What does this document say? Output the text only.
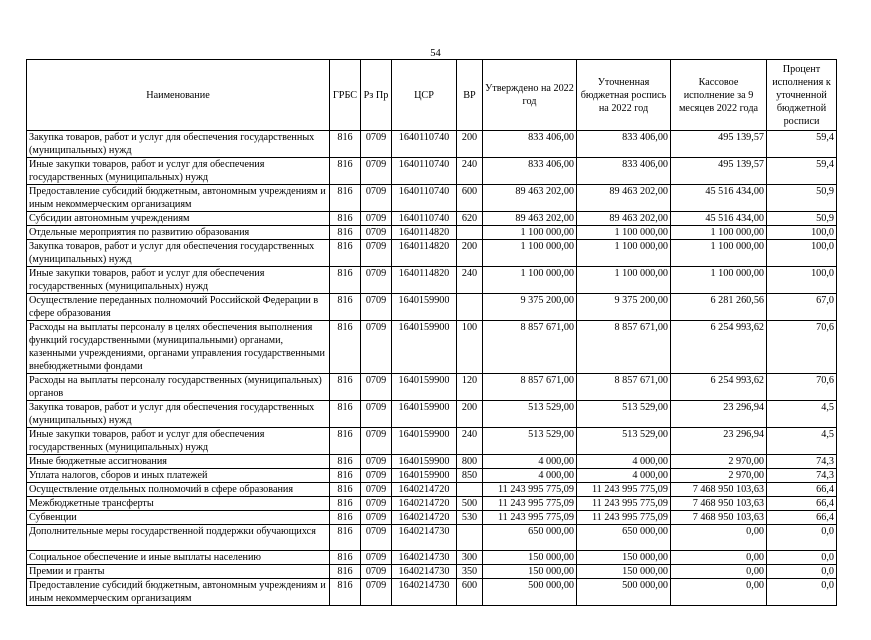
54
Наименование	ГРБС	Рз Пр	ЦСР	ВР	Утверждено на 2022 год	Уточненная бюджетная роспись на 2022 год	Кассовое исполнение за 9 месяцев 2022 года	Процент исполнения к уточненной бюджетной росписи
Закупка товаров, работ и услуг для обеспечения государственных (муниципальных) нужд	816	0709	1640110740	200	833 406,00	833 406,00	495 139,57	59,4
Иные закупки товаров, работ и услуг для обеспечения государственных (муниципальных) нужд	816	0709	1640110740	240	833 406,00	833 406,00	495 139,57	59,4
Предоставление субсидий бюджетным, автономным учреждениям и иным некоммерческим организациям	816	0709	1640110740	600	89 463 202,00	89 463 202,00	45 516 434,00	50,9
Субсидии автономным учреждениям	816	0709	1640110740	620	89 463 202,00	89 463 202,00	45 516 434,00	50,9
Отдельные мероприятия по развитию образования	816	0709	1640114820		1 100 000,00	1 100 000,00	1 100 000,00	100,0
Закупка товаров, работ и услуг для обеспечения государственных (муниципальных) нужд	816	0709	1640114820	200	1 100 000,00	1 100 000,00	1 100 000,00	100,0
Иные закупки товаров, работ и услуг для обеспечения государственных (муниципальных) нужд	816	0709	1640114820	240	1 100 000,00	1 100 000,00	1 100 000,00	100,0
Осуществление переданных полномочий Российской Федерации в сфере образования	816	0709	1640159900		9 375 200,00	9 375 200,00	6 281 260,56	67,0
Расходы на выплаты персоналу в целях обеспечения выполнения функций государственными (муниципальными) органами, казенными учреждениями, органами управления государственными внебюджетными фондами	816	0709	1640159900	100	8 857 671,00	8 857 671,00	6 254 993,62	70,6
Расходы на выплаты персоналу государственных (муниципальных) органов	816	0709	1640159900	120	8 857 671,00	8 857 671,00	6 254 993,62	70,6
Закупка товаров, работ и услуг для обеспечения государственных (муниципальных) нужд	816	0709	1640159900	200	513 529,00	513 529,00	23 296,94	4,5
Иные закупки товаров, работ и услуг для обеспечения государственных (муниципальных) нужд	816	0709	1640159900	240	513 529,00	513 529,00	23 296,94	4,5
Иные бюджетные ассигнования	816	0709	1640159900	800	4 000,00	4 000,00	2 970,00	74,3
Уплата налогов, сборов и иных платежей	816	0709	1640159900	850	4 000,00	4 000,00	2 970,00	74,3
Осуществление отдельных полномочий в сфере образования	816	0709	1640214720		11 243 995 775,09	11 243 995 775,09	7 468 950 103,63	66,4
Межбюджетные трансферты	816	0709	1640214720	500	11 243 995 775,09	11 243 995 775,09	7 468 950 103,63	66,4
Субвенции	816	0709	1640214720	530	11 243 995 775,09	11 243 995 775,09	7 468 950 103,63	66,4
Дополнительные меры государственной поддержки обучающихся	816	0709	1640214730		650 000,00	650 000,00	0,00	0,0
Социальное обеспечение и иные выплаты населению	816	0709	1640214730	300	150 000,00	150 000,00	0,00	0,0
Премии и гранты	816	0709	1640214730	350	150 000,00	150 000,00	0,00	0,0
Предоставление субсидий бюджетным, автономным учреждениям и иным некоммерческим организациям	816	0709	1640214730	600	500 000,00	500 000,00	0,00	0,0
